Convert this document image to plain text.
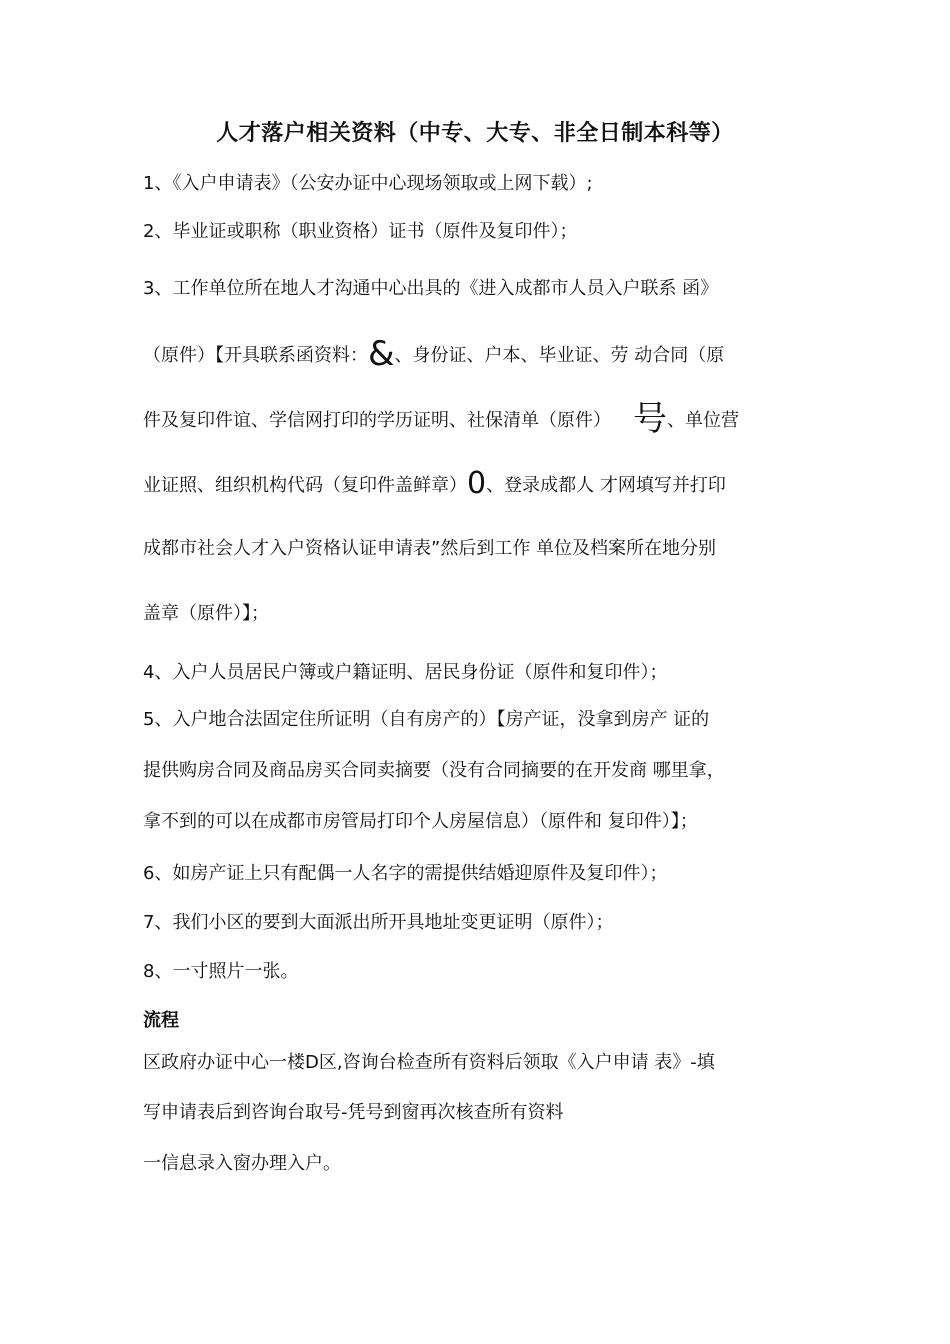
人才落户相关资料（中专、大专、非全日制本科等）
1、《入户申请表》（公安办证中心现场领取或上网下载）;
2、毕业证或职称（职业资格）证书（原件及复印件）；
3、工作单位所在地人才沟通中心出具的《进入成都市人员入户联系 函》
（原件）【开具联系函资料：&、身份证、户本、毕业证、劳 动合同（原
件及复印件谊、学信网打印的学历证明、社保清单（原件） 号、单位营
业证照、组织机构代码（复印件盖鲜章）0、登录成都人 才网填写并打印
成都市社会人才入户资格认证申请表”然后到工作 单位及档案所在地分别
盖章（原件）】；
4、入户人员居民户簿或户籍证明、居民身份证（原件和复印件）；
5、入户地合法固定住所证明（自有房产的）【房产证，没拿到房产 证的
提供购房合同及商品房买合同卖摘要（没有合同摘要的在开发商 哪里拿，
拿不到的可以在成都市房管局打印个人房屋信息）（原件和 复印件）】；
6、如房产证上只有配偶一人名字的需提供结婚迎原件及复印件）；
7、我们小区的要到大面派出所开具地址变更证明（原件）；
8、一寸照片一张。
流程
区政府办证中心一楼D区,咨询台检查所有资料后领取《入户申请 表》-填
写申请表后到咨询台取号-凭号到窗再次核查所有资料
一信息录入窗办理入户。
